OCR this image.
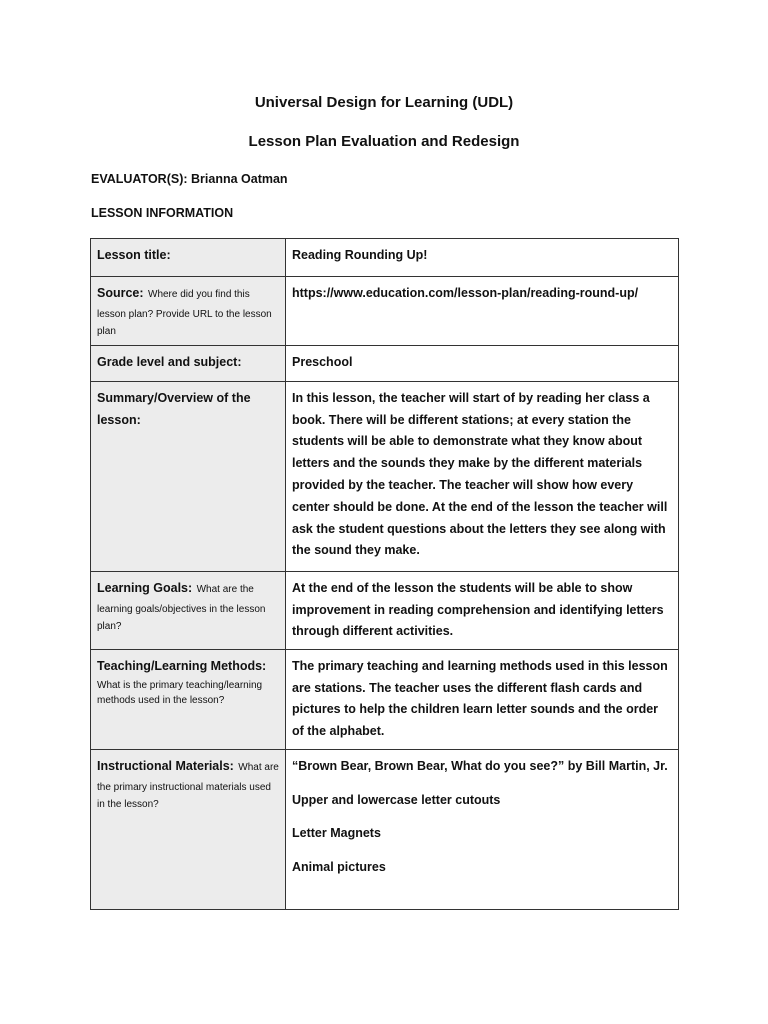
Universal Design for Learning (UDL)
Lesson Plan Evaluation and Redesign
EVALUATOR(S): Brianna Oatman
LESSON INFORMATION
Lesson title:	Reading Rounding Up!
Source: Where did you find this lesson plan? Provide URL to the lesson plan	https://www.education.com/lesson-plan/reading-round-up/
Grade level and subject:	Preschool
Summary/Overview of the lesson:	In this lesson, the teacher will start of by reading her class a book. There will be different stations; at every station the students will be able to demonstrate what they know about letters and the sounds they make by the different materials provided by the teacher. The teacher will show how every center should be done. At the end of the lesson the teacher will ask the student questions about the letters they see along with the sound they make.
Learning Goals: What are the learning goals/objectives in the lesson plan?	At the end of the lesson the students will be able to show improvement in reading comprehension and identifying letters through different activities.

Teaching/Learning Methods:
What is the primary teaching/learning methods used in the lesson?	The primary teaching and learning methods used in this lesson are stations. The teacher uses the different flash cards and pictures to help the children learn letter sounds and the order of the alphabet.
Instructional Materials: What are the primary instructional materials used in the lesson?	“Brown Bear, Brown Bear, What do you see?” by Bill Martin, Jr.
Upper and lowercase letter cutouts
Letter Magnets
Animal pictures
